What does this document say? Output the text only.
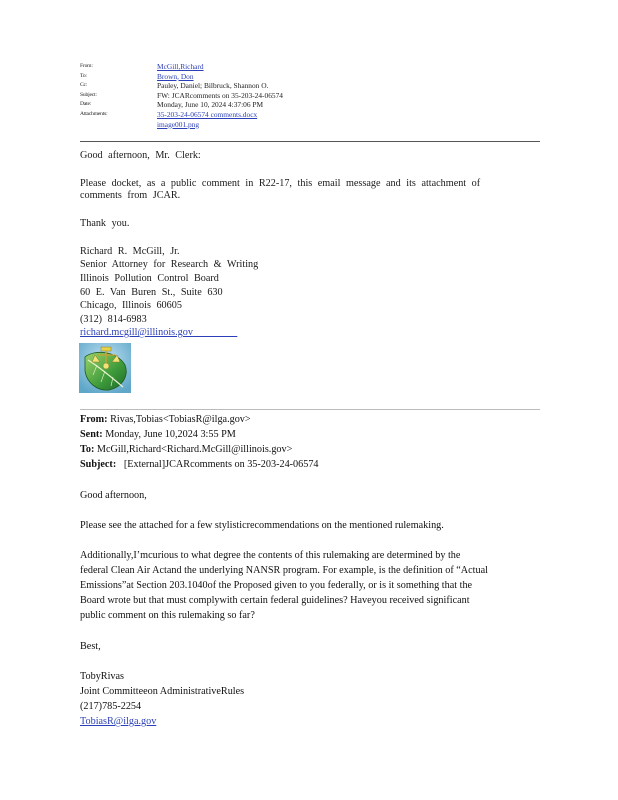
From:	McGill,Richard
To:	Brown, Don
Cc:	Pauley, Daniel; Bilbruck, Shannon O.
Subject:	FW: JCARcomments on 35-203-24-06574
Date:	Monday, June 10, 2024 4:37:06 PM
Attachments:	35-203-24-06574 comments.docx
image001.png
Good afternoon, Mr. Clerk:
Please docket, as a public comment in R22-17, this email message and its attachment of
comments from JCAR.
Thank you.
Richard R. McGill, Jr.
Senior Attorney for Research & Writing
Illinois Pollution Control Board
60 E. Van Buren St., Suite 630
Chicago, Illinois 60605
(312) 814-6983
richard.mcgill@illinois.gov
From: Rivas,Tobias<TobiasR@ilga.gov>
Sent: Monday, June 10,2024 3:55 PM
To: McGill,Richard<Richard.McGill@illinois.gov>
Subject: [External]JCARcomments on 35-203-24-06574
Good afternoon,
Please see the attached for a few stylisticrecommendations on the mentioned rulemaking.
Additionally,I’mcurious to what degree the contents of this rulemaking are determined by the
federal Clean Air Actand the underlying NANSR program. For example, is the definition of “Actual
Emissions”at Section 203.1040of the Proposed given to you federally, or is it something that the
Board wrote but that must complywith certain federal guidelines? Haveyou received significant
public comment on this rulemaking so far?
Best,
TobyRivas
Joint Committeeon AdministrativeRules
(217)785-2254
TobiasR@ilga.gov
